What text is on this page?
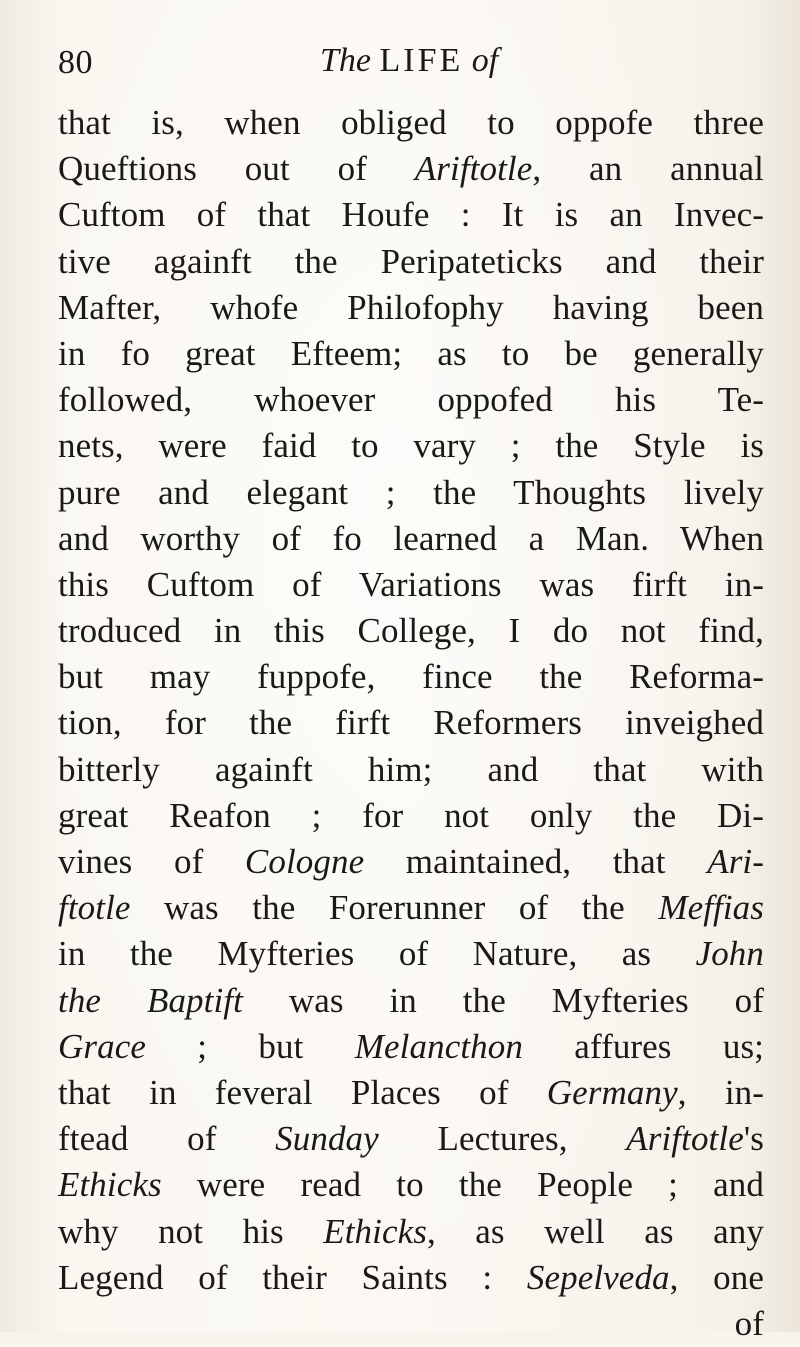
80	The LIFE of
that is, when obliged to oppofe three
Queftions out of Ariftotle, an annual
Cuftom of that Houfe : It is an Invec-
tive againft the Peripateticks and their
Mafter, whofe Philofophy having been
in fo great Efteem; as to be generally
followed, whoever oppofed his Te-
nets, were faid to vary ; the Style is
pure and elegant ; the Thoughts lively
and worthy of fo learned a Man. When
this Cuftom of Variations was firft in-
troduced in this College, I do not find,
but may fuppofe, fince the Reforma-
tion, for the firft Reformers inveighed
bitterly againft him; and that with
great Reafon ; for not only the Di-
vines of Cologne maintained, that Ari-
ftotle was the Forerunner of the Meffias
in the Myfteries of Nature, as John
the Baptift was in the Myfteries of
Grace ; but Melancthon affures us;
that in feveral Places of Germany, in-
ftead of Sunday Lectures, Ariftotle's
Ethicks were read to the People ; and
why not his Ethicks, as well as any
Legend of their Saints : Sepelveda, one
of
